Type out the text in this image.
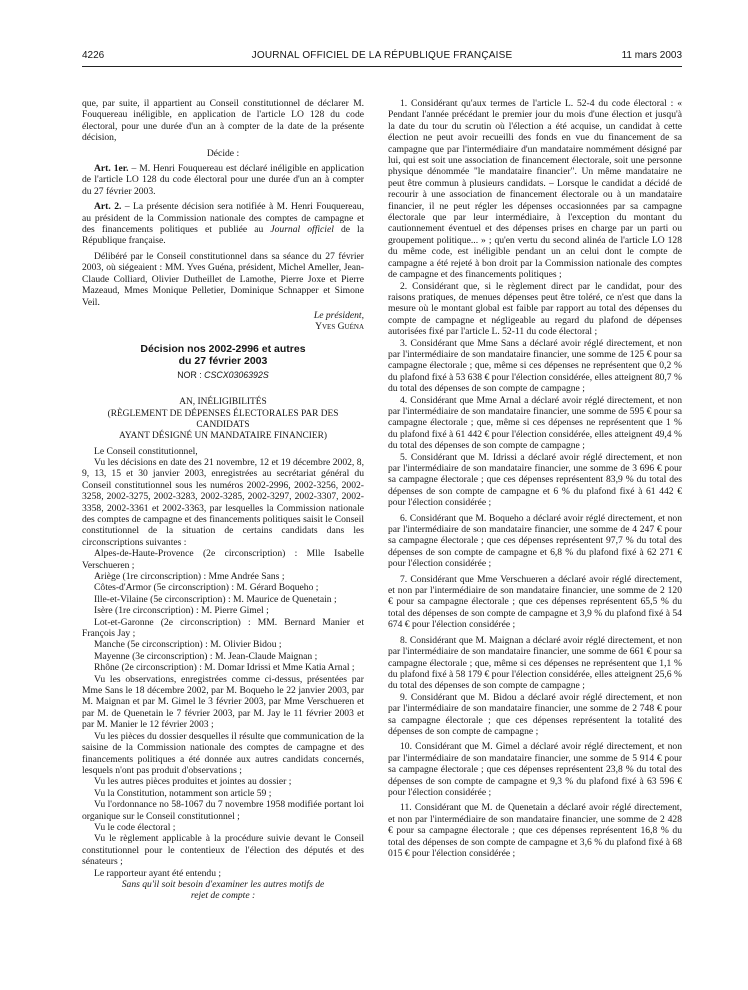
4226	JOURNAL OFFICIEL DE LA RÉPUBLIQUE FRANÇAISE	11 mars 2003

que, par suite, il appartient au Conseil constitutionnel de déclarer M. Fouquereau inéligible, en application de l'article LO 128 du code électoral, pour une durée d'un an à compter de la date de la présente décision,

Décide :

Art. 1er. – M. Henri Fouquereau est déclaré inéligible en application de l'article LO 128 du code électoral pour une durée d'un an à compter du 27 février 2003.

Art. 2. – La présente décision sera notifiée à M. Henri Fouquereau, au président de la Commission nationale des comptes de campagne et des financements politiques et publiée au Journal officiel de la République française.

Délibéré par le Conseil constitutionnel dans sa séance du 27 février 2003, où siégeaient : MM. Yves Guéna, président, Michel Ameller, Jean-Claude Colliard, Olivier Dutheillet de Lamothe, Pierre Joxe et Pierre Mazeaud, Mmes Monique Pelletier, Dominique Schnapper et Simone Veil.

Le président,

Yves Guéna

Décision nos 2002-2996 et autres
du 27 février 2003

NOR : CSCX0306392S

AN, INÉLIGIBILITÉS

(RÈGLEMENT DE DÉPENSES ÉLECTORALES PAR DES CANDIDATS

AYANT DÉSIGNÉ UN MANDATAIRE FINANCIER)

Le Conseil constitutionnel,

Vu les décisions en date des 21 novembre, 12 et 19 décembre 2002, 8, 9, 13, 15 et 30 janvier 2003, enregistrées au secrétariat général du Conseil constitutionnel sous les numéros 2002-2996, 2002-3256, 2002-3258, 2002-3275, 2002-3283, 2002-3285, 2002-3297, 2002-3307, 2002-3358, 2002-3361 et 2002-3363, par lesquelles la Commission nationale des comptes de campagne et des financements politiques saisit le Conseil constitutionnel de la situation de certains candidats dans les circonscriptions suivantes :

Alpes-de-Haute-Provence (2e circonscription) : Mlle Isabelle Verschueren ;

Ariège (1re circonscription) : Mme Andrée Sans ;

Côtes-d'Armor (5e circonscription) : M. Gérard Boqueho ;

Ille-et-Vilaine (5e circonscription) : M. Maurice de Quenetain ;

Isère (1re circonscription) : M. Pierre Gimel ;

Lot-et-Garonne (2e circonscription) : MM. Bernard Manier et François Jay ;

Manche (5e circonscription) : M. Olivier Bidou ;

Mayenne (3e circonscription) : M. Jean-Claude Maignan ;

Rhône (2e circonscription) : M. Domar Idrissi et Mme Katia Arnal ;

Vu les observations, enregistrées comme ci-dessus, présentées par Mme Sans le 18 décembre 2002, par M. Boqueho le 22 janvier 2003, par M. Maignan et par M. Gimel le 3 février 2003, par Mme Verschueren et par M. de Quenetain le 7 février 2003, par M. Jay le 11 février 2003 et par M. Manier le 12 février 2003 ;

Vu les pièces du dossier desquelles il résulte que communication de la saisine de la Commission nationale des comptes de campagne et des financements politiques a été donnée aux autres candidats concernés, lesquels n'ont pas produit d'observations ;

Vu les autres pièces produites et jointes au dossier ;

Vu la Constitution, notamment son article 59 ;

Vu l'ordonnance no 58-1067 du 7 novembre 1958 modifiée portant loi organique sur le Conseil constitutionnel ;

Vu le code électoral ;

Vu le règlement applicable à la procédure suivie devant le Conseil constitutionnel pour le contentieux de l'élection des députés et des sénateurs ;

Le rapporteur ayant été entendu ;

Sans qu'il soit besoin d'examiner les autres motifs de

rejet de compte :

1. Considérant qu'aux termes de l'article L. 52-4 du code électoral : « Pendant l'année précédant le premier jour du mois d'une élection et jusqu'à la date du tour du scrutin où l'élection a été acquise, un candidat à cette élection ne peut avoir recueilli des fonds en vue du financement de sa campagne que par l'intermédiaire d'un mandataire nommément désigné par lui, qui est soit une association de financement électorale, soit une personne physique dénommée "le mandataire financier". Un même mandataire ne peut être commun à plusieurs candidats. – Lorsque le candidat a décidé de recourir à une association de financement électorale ou à un mandataire financier, il ne peut régler les dépenses occasionnées par sa campagne électorale que par leur intermédiaire, à l'exception du montant du cautionnement éventuel et des dépenses prises en charge par un parti ou groupement politique... » ; qu'en vertu du second alinéa de l'article LO 128 du même code, est inéligible pendant un an celui dont le compte de campagne a été rejeté à bon droit par la Commission nationale des comptes de campagne et des financements politiques ;

2. Considérant que, si le règlement direct par le candidat, pour des raisons pratiques, de menues dépenses peut être toléré, ce n'est que dans la mesure où le montant global est faible par rapport au total des dépenses du compte de campagne et négligeable au regard du plafond de dépenses autorisées fixé par l'article L. 52-11 du code électoral ;

3. Considérant que Mme Sans a déclaré avoir réglé directement, et non par l'intermédiaire de son mandataire financier, une somme de 125 € pour sa campagne électorale ; que, même si ces dépenses ne représentent que 0,2 % du plafond fixé à 53 638 € pour l'élection considérée, elles atteignent 80,7 % du total des dépenses de son compte de campagne ;

4. Considérant que Mme Arnal a déclaré avoir réglé directement, et non par l'intermédiaire de son mandataire financier, une somme de 595 € pour sa campagne électorale ; que, même si ces dépenses ne représentent que 1 % du plafond fixé à 61 442 € pour l'élection considérée, elles atteignent 49,4 % du total des dépenses de son compte de campagne ;

5. Considérant que M. Idrissi a déclaré avoir réglé directement, et non par l'intermédiaire de son mandataire financier, une somme de 3 696 € pour sa campagne électorale ; que ces dépenses représentent 83,9 % du total des dépenses de son compte de campagne et 6 % du plafond fixé à 61 442 € pour l'élection considérée ;

6. Considérant que M. Boqueho a déclaré avoir réglé directement, et non par l'intermédiaire de son mandataire financier, une somme de 4 247 € pour sa campagne électorale ; que ces dépenses représentent 97,7 % du total des dépenses de son compte de campagne et 6,8 % du plafond fixé à 62 271 € pour l'élection considérée ;

7. Considérant que Mme Verschueren a déclaré avoir réglé directement, et non par l'intermédiaire de son mandataire financier, une somme de 2 120 € pour sa campagne électorale ; que ces dépenses représentent 65,5 % du total des dépenses de son compte de campagne et 3,9 % du plafond fixé à 54 674 € pour l'élection considérée ;

8. Considérant que M. Maignan a déclaré avoir réglé directement, et non par l'intermédiaire de son mandataire financier, une somme de 661 € pour sa campagne électorale ; que, même si ces dépenses ne représentent que 1,1 % du plafond fixé à 58 179 € pour l'élection considérée, elles atteignent 25,6 % du total des dépenses de son compte de campagne ;

9. Considérant que M. Bidou a déclaré avoir réglé directement, et non par l'intermédiaire de son mandataire financier, une somme de 2 748 € pour sa campagne électorale ; que ces dépenses représentent la totalité des dépenses de son compte de campagne ;

10. Considérant que M. Gimel a déclaré avoir réglé directement, et non par l'intermédiaire de son mandataire financier, une somme de 5 914 € pour sa campagne électorale ; que ces dépenses représentent 23,8 % du total des dépenses de son compte de campagne et 9,3 % du plafond fixé à 63 596 € pour l'élection considérée ;

11. Considérant que M. de Quenetain a déclaré avoir réglé directement, et non par l'intermédiaire de son mandataire financier, une somme de 2 428 € pour sa campagne électorale ; que ces dépenses représentent 16,8 % du total des dépenses de son compte de campagne et 3,6 % du plafond fixé à 68 015 € pour l'élection considérée ;
